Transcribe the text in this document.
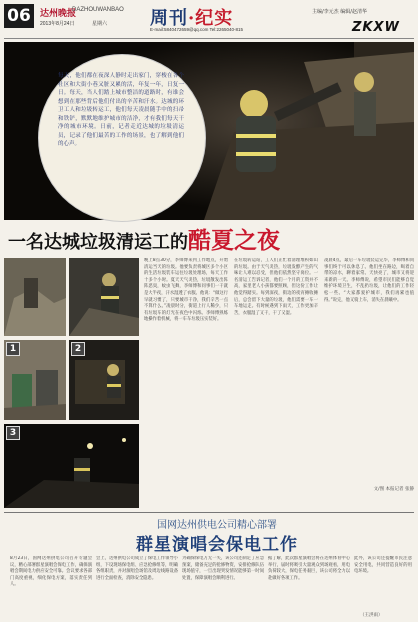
06	达州晚报
DAZHOUWANBAO
2013年8月24日	星期六 周刊·纪实
E-mail:5840472659@qq.com Tel:2265040-815
主编/李元杰 编辑/赵清华
ZKXW
每天，他们都在夜深人静时走出家门，穿梭在各个社区和大街小巷又脏又累的活，年复一年，日复一日。每天，当人们踏上城市整洁的道路时，有谁会想到在那些背后他们付出的辛苦和汗水。达城的环卫工人和垃圾转运工，他们每天凌晨随手中的扫帚和铁铲，默默地维护城市的洁净，才有我们每天干净的城市环境。日前，记者走近达城的垃圾清运员，记录了他们最苦的工作的场景，也了解到他们的心声。
一名达城垃圾清运工的酷夏之夜
1	2
3
晚上8点30分，李师傅来到工作地点，开始清运当天的垃圾。他要负责将城区多个小区的生活垃圾装车运往垃圾处理场，每天工作十多个小时。夏天天气炎热，垃圾散发出阵阵恶臭，蚊虫飞舞，李师傅和同事们一干就是大半夜，汗水湿透了衣服。他说：“做这行早就习惯了，只要城市干净，我们辛苦一点不算什么。”凌晨时分，街道上行人稀少，只有垃圾车的灯光在夜色中闪烁。李师傅熟练地操作着机械，将一车车垃圾压实装好。
在垃圾转运站，工人们正忙着清理堆积如山的垃圾。由于天气炎热，垃圾发酵产生的气味让人难以忍受，但他们依然坚守岗位。一名清运工告诉记者，他们一个月的工资并不高，家里老人小孩都要照顾，但这份工作让他觉得踏实。每到深夜，街边的夜宵摊收摊后，总会留下大量的垃圾，他们需要一车一车地运走。有时候遇到下雨天，工作更加辛苦，衣服湿了又干，干了又湿。
凌晨4点，最后一车垃圾装运完毕，李师傅和同事们终于可以休息了。他们坐在路边，喝着自带的凉水，聊着家常。天快亮了，城市又将迎来新的一天。李师傅说，希望市民们能够自觉维护环境卫生，不乱扔垃圾，让他们的工作轻松一些。“大家都爱护城市，我们再累也值得。”说完，他又骑上车，消失在晨曦中。
文/图 本报记者 张静
国网达州供电公司精心部署
群星演唱会保电工作
8月23日，国网达州供电公司召开专题会议，精心部署群星演唱会保电工作，确保演唱会期间电力供应安全可靠。会议要求各部门高度重视，细化保电方案，落实责任到人。
会上，达州供电公司成立了保电工作领导小组，下设现场保电组、应急抢修组等，明确各组职责，并对演唱会场馆及周边线路设备进行全面检查，消除安全隐患。
为确保保电万无一失，该公司还制定了应急预案，储备充足的抢修物资，安排抢修队伍现场值守，一旦出现突发情况能够第一时间处置，保障演唱会顺利进行。
据了解，此次群星演唱会将在达州体育中心举行，届时将吸引大量观众到场观看，用电负荷较大，保电任务艰巨，该公司将全力以赴做好各项工作。
此外，该公司还提醒市民注意安全用电，共同营造良好的用电环境。
（王洪雨）
